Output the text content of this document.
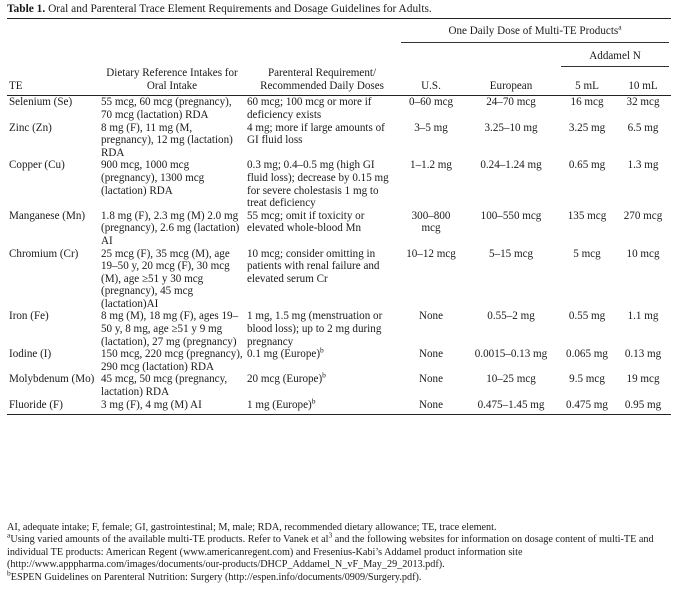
Table 1. Oral and Parenteral Trace Element Requirements and Dosage Guidelines for Adults.

			One Daily Dose of Multi-TE Products$^a$

					Addamel N	

TE	Dietary Reference Intakes for Oral Intake	Parenteral Requirement/ Recommended Daily Doses	U.S.	European	5 mL	10 mL
Selenium (Se)	55 mcg, 60 mcg (pregnancy), 70 mcg (lactation) RDA	60 mcg; 100 mcg or more if deficiency exists	0–60 mcg	24–70 mcg	16 mcg	32 mcg
Zinc (Zn)	8 mg (F), 11 mg (M, pregnancy), 12 mg (lactation) RDA	4 mg; more if large amounts of GI fluid loss	3–5 mg	3.25–10 mg	3.25 mg	6.5 mg
Copper (Cu)	900 mcg, 1000 mcg (pregnancy), 1300 mcg (lactation) RDA	0.3 mg; 0.4–0.5 mg (high GI fluid loss); decrease by 0.15 mg for severe cholestasis 1 mg to treat deficiency	1–1.2 mg	0.24–1.24 mg	0.65 mg	1.3 mg
Manganese (Mn)	1.8 mg (F), 2.3 mg (M) 2.0 mg (pregnancy), 2.6 mg (lactation) AI	55 mcg; omit if toxicity or elevated whole-blood Mn	300–800 mcg	100–550 mcg	135 mcg	270 mcg
Chromium (Cr)	25 mcg (F), 35 mcg (M), age 19–50 y, 20 mcg (F), 30 mcg (M), age ≥51 y 30 mcg (pregnancy), 45 mcg (lactation)AI	10 mcg; consider omitting in patients with renal failure and elevated serum Cr	10–12 mcg	5–15 mcg	5 mcg	10 mcg
Iron (Fe)	8 mg (M), 18 mg (F), ages 19–50 y, 8 mg, age ≥51 y 9 mg (lactation), 27 mg (pregnancy)	1 mg, 1.5 mg (menstruation or blood loss); up to 2 mg during pregnancy	None	0.55–2 mg	0.55 mg	1.1 mg
Iodine (I)	150 mcg, 220 mcg (pregnancy), 290 mcg (lactation) RDA	0.1 mg (Europe)$^b$	None	0.0015–0.13 mg	0.065 mg	0.13 mg
Molybdenum (Mo)	45 mcg, 50 mcg (pregnancy, lactation) RDA	20 mcg (Europe)$^b$	None	10–25 mcg	9.5 mcg	19 mcg
Fluoride (F)	3 mg (F), 4 mg (M) AI	1 mg (Europe)$^b$	None	0.475–1.45 mg	0.475 mg	0.95 mg
AI, adequate intake; F, female; GI, gastrointestinal; M, male; RDA, recommended dietary allowance; TE, trace element.
$^a$Using varied amounts of the available multi-TE products. Refer to Vanek et $al^3$ and the following websites for information on dosage content of multi-TE and individual TE products: American Regent (www.americanregent.com) and Fresenius-Kabi’s Addamel product information site (http://www.apppharma.com/images/documents/our-products/DHCP_Addamel_N_vF_May_29_2013.pdf).
$^b$ESPEN Guidelines on Parenteral Nutrition: Surgery (http://espen.info/documents/0909/Surgery.pdf).
